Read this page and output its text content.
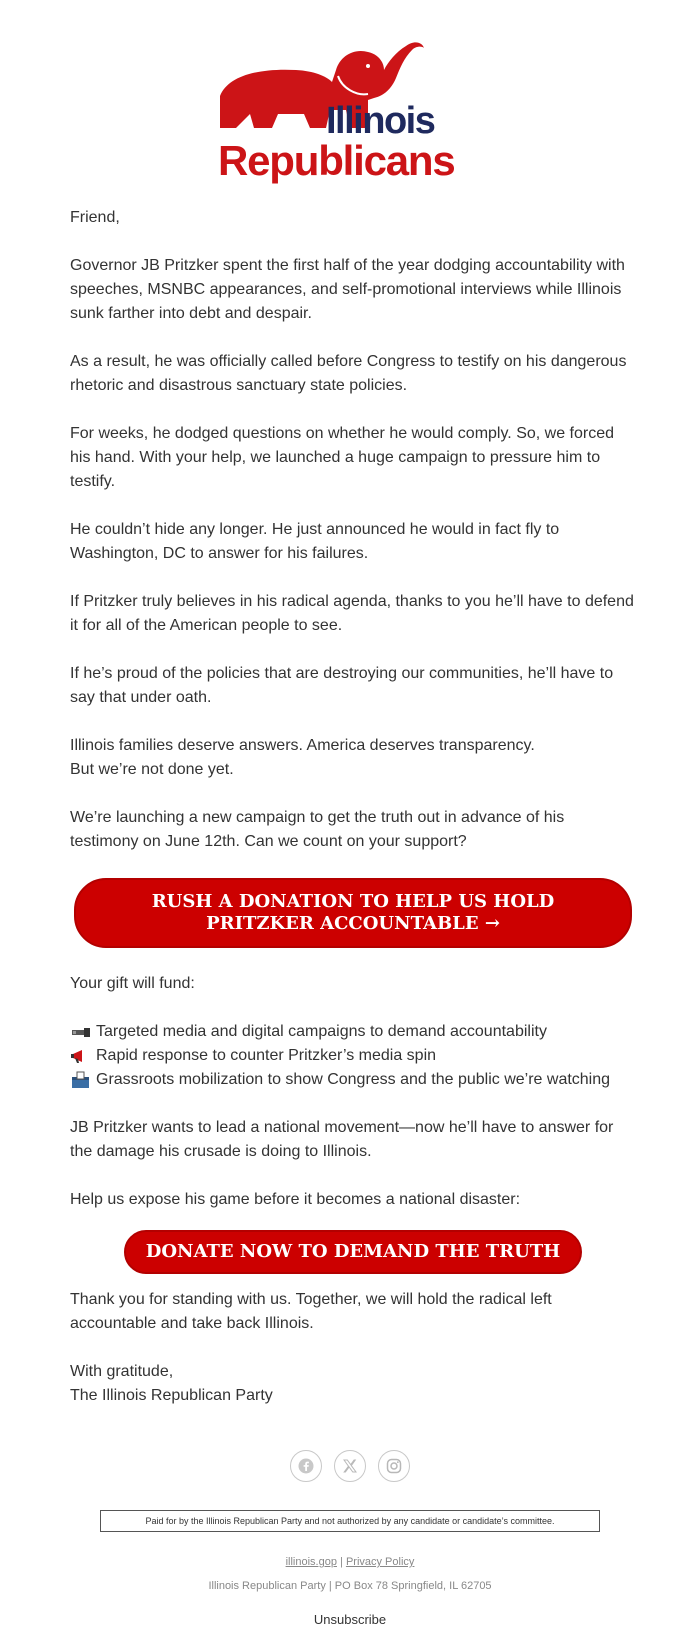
Illinois
Republicans

Friend,

Governor JB Pritzker spent the first half of the year dodging accountability with speeches, MSNBC appearances, and self-promotional interviews while Illinois sunk farther into debt and despair.

As a result, he was officially called before Congress to testify on his dangerous rhetoric and disastrous sanctuary state policies.

For weeks, he dodged questions on whether he would comply. So, we forced his hand. With your help, we launched a huge campaign to pressure him to testify.

He couldn’t hide any longer. He just announced he would in fact fly to Washington, DC to answer for his failures.

If Pritzker truly believes in his radical agenda, thanks to you he’ll have to defend it for all of the American people to see.

If he’s proud of the policies that are destroying our communities, he’ll have to say that under oath.

Illinois families deserve answers. America deserves transparency.
But we’re not done yet.

We’re launching a new campaign to get the truth out in advance of his testimony on June 12th. Can we count on your support?

RUSH A DONATION TO HELP US HOLD PRITZKER ACCOUNTABLE →

Your gift will fund:

Targeted media and digital campaigns to demand accountability
Rapid response to counter Pritzker’s media spin
Grassroots mobilization to show Congress and the public we’re watching

JB Pritzker wants to lead a national movement—now he’ll have to answer for the damage his crusade is doing to Illinois.

Help us expose his game before it becomes a national disaster:

DONATE NOW TO DEMAND THE TRUTH

Thank you for standing with us. Together, we will hold the radical left accountable and take back Illinois.

With gratitude,
The Illinois Republican Party

Paid for by the Illinois Republican Party and not authorized by any candidate or candidate’s committee.
illinois.gop | Privacy Policy
Illinois Republican Party | PO Box 78 Springfield, IL 62705
Unsubscribe
